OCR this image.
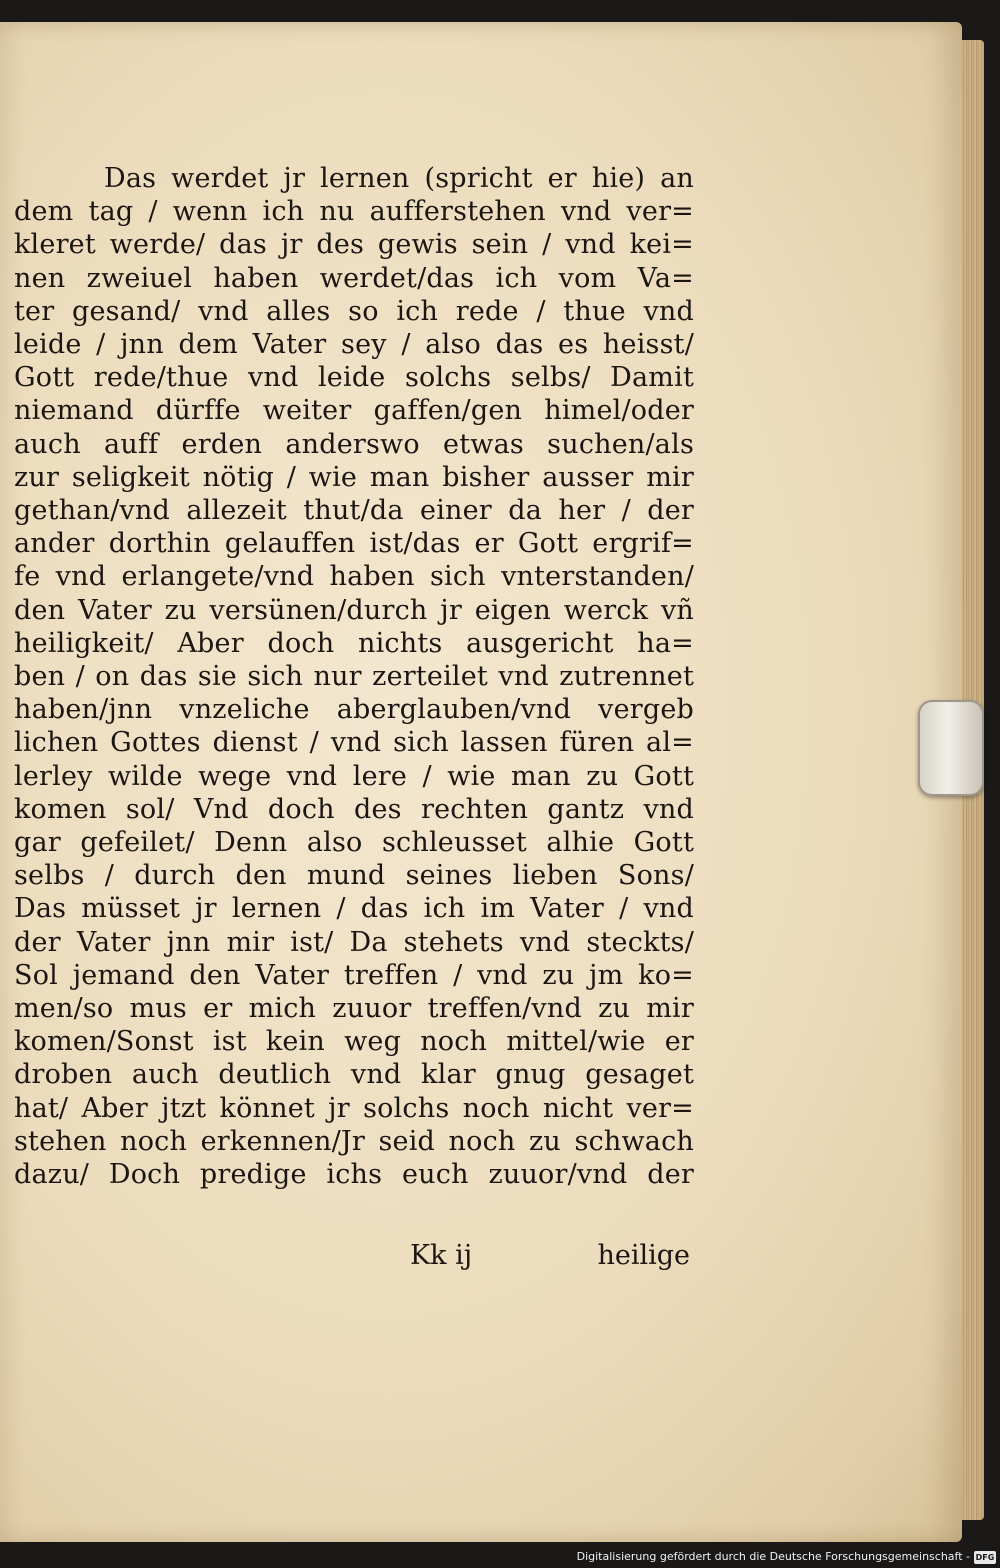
Das werdet jr lernen (spricht er hie) an
dem tag / wenn ich nu aufferstehen vnd ver=
kleret werde/ das jr des gewis sein / vnd kei=
nen zweiuel haben werdet/das ich vom Va=
ter gesand/ vnd alles so ich rede / thue vnd
leide / jnn dem Vater sey / also das es heisst/
Gott rede/thue vnd leide solchs selbs/ Damit
niemand dürffe weiter gaffen/gen himel/oder
auch auff erden anderswo etwas suchen/als
zur seligkeit nötig / wie man bisher ausser mir
gethan/vnd allezeit thut/da einer da her / der
ander dorthin gelauffen ist/das er Gott ergrif=
fe vnd erlangete/vnd haben sich vnterstanden/
den Vater zu versünen/durch jr eigen werck vñ
heiligkeit/ Aber doch nichts ausgericht ha=
ben / on das sie sich nur zerteilet vnd zutrennet
haben/jnn vnzeliche aberglauben/vnd vergeb
lichen Gottes dienst / vnd sich lassen füren al=
lerley wilde wege vnd lere / wie man zu Gott
komen sol/ Vnd doch des rechten gantz vnd
gar gefeilet/ Denn also schleusset alhie Gott
selbs / durch den mund seines lieben Sons/
Das müsset jr lernen / das ich im Vater / vnd
der Vater jnn mir ist/ Da stehets vnd steckts/
Sol jemand den Vater treffen / vnd zu jm ko=
men/so mus er mich zuuor treffen/vnd zu mir
komen/Sonst ist kein weg noch mittel/wie er
droben auch deutlich vnd klar gnug gesaget
hat/ Aber jtzt könnet jr solchs noch nicht ver=
stehen noch erkennen/Jr seid noch zu schwach
dazu/ Doch predige ichs euch zuuor/vnd der
Kk ij	heilige
Digitalisierung gefördert durch die Deutsche Forschungsgemeinschaft - DFG
